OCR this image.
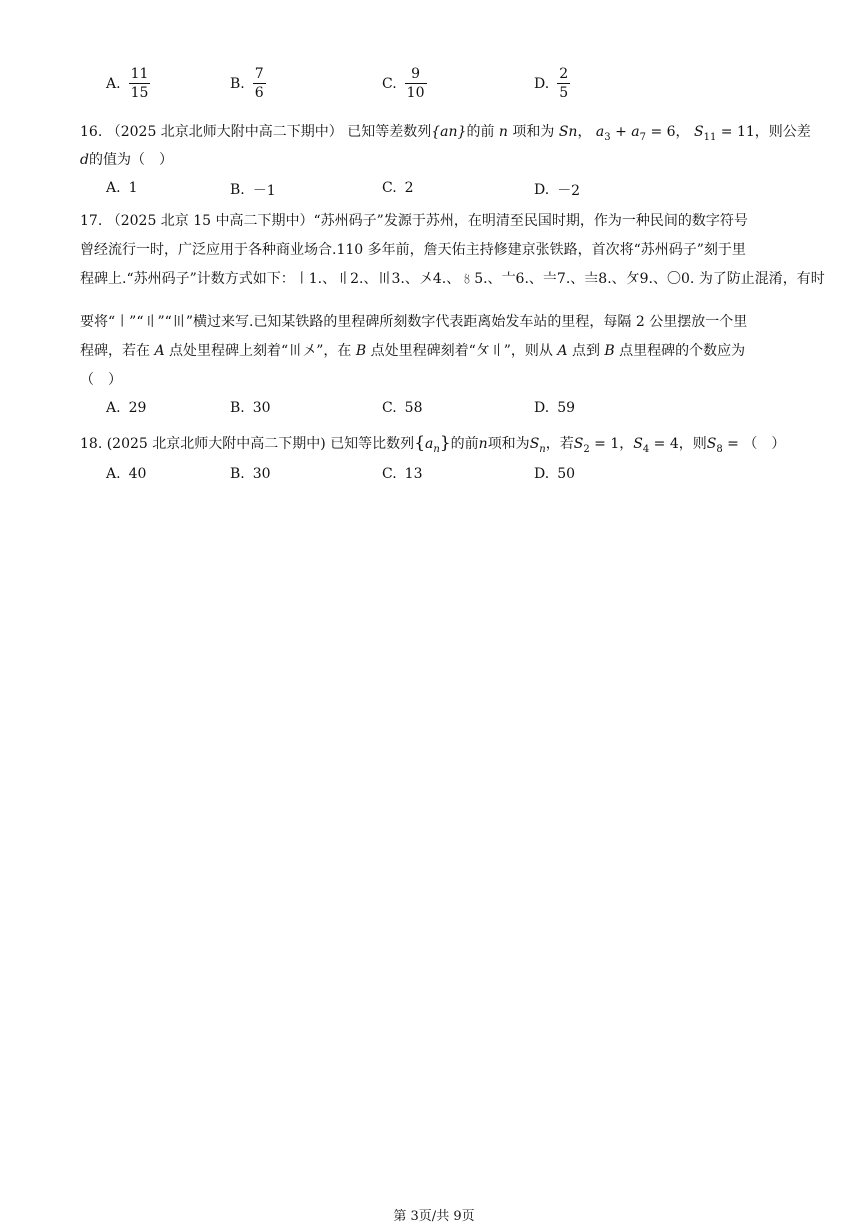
A. $\frac{11}{15}$	B. $\frac{7}{6}$	C. $\frac{9}{10}$	D. $\frac{2}{5}$
16. （2025 北京北师大附中高二下期中） 已知等差数列{an}的前 n 项和为 Sn， $a_3 + a_7 = 6$， $S_{11} = 11$，则公差
d的值为（　）
A. 1	B. －1	C. 2	D. －2
17. （2025 北京 15 中高二下期中）“苏州码子”发源于苏州，在明清至民国时期，作为一种民间的数字符号
曾经流行一时，广泛应用于各种商业场合.110 多年前，詹天佑主持修建京张铁路，首次将“苏州码子”刻于里
程碑上.“苏州码子”计数方式如下：〡1.、〢2.、〣3.、〤4.、〥5.、〦6.、〧7.、〨8.、〩9.、〇0. 为了防止混淆，有时
要将“〡”“〢”“〣”横过来写.已知某铁路的里程碑所刻数字代表距离始发车站的里程，每隔 2 公里摆放一个里
程碑，若在 A 点处里程碑上刻着“〣〤”，在 B 点处里程碑刻着“〩〢”，则从 A 点到 B 点里程碑的个数应为
（　）
A. 29	B. 30	C. 58	D. 59
18. (2025 北京北师大附中高二下期中) 已知等比数列$\{a_n\}$的前n项和为$S_n$，若$S_2 = 1$，$S_4 = 4$，则$S_8$ = （　）
A. 40	B. 30	C. 13	D. 50
第 3页/共 9页
